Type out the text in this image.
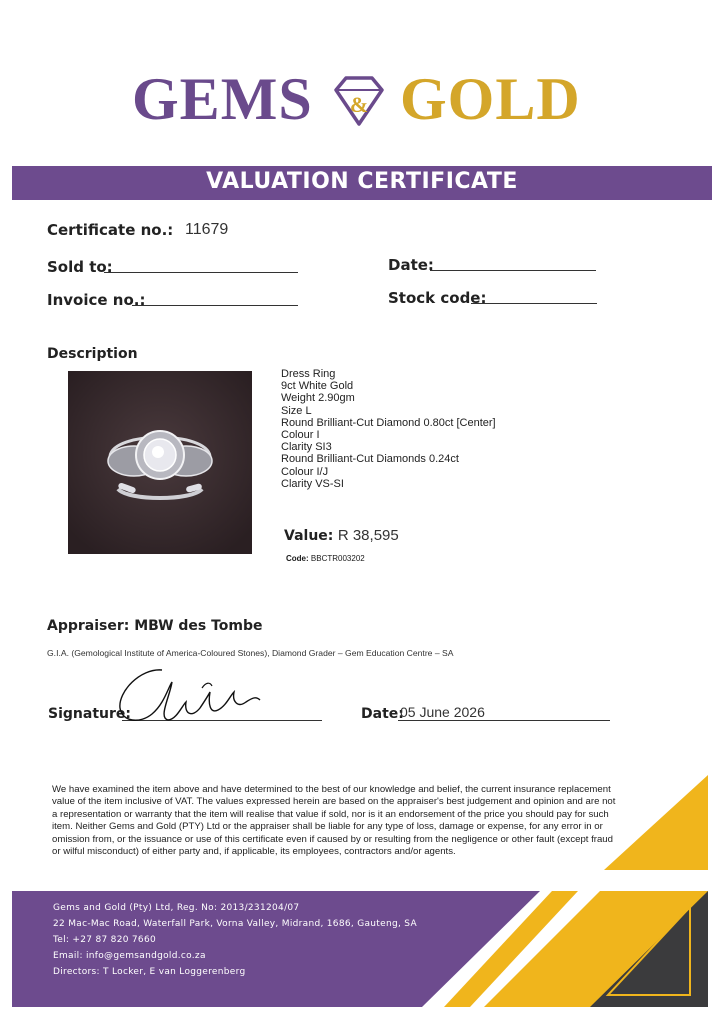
GEMS & GOLD
VALUATION CERTIFICATE
Certificate no.: 11679
Sold to:	Date:
Invoice no.:	Stock code:
Description
Dress Ring
9ct White Gold
Weight 2.90gm
Size L
Round Brilliant-Cut Diamond 0.80ct [Center]
Colour I
Clarity SI3
Round Brilliant-Cut Diamonds 0.24ct
Colour I/J
Clarity VS-SI
Value: R 38,595
Code: BBCTR003202
Appraiser: MBW des Tombe
G.I.A. (Gemological Institute of America-Coloured Stones), Diamond Grader – Gem Education Centre – SA
Signature:	Date:
05 June 2026
We have examined the item above and have determined to the best of our knowledge and belief, the current insurance replacement value of the item inclusive of VAT. The values expressed herein are based on the appraiser's best judgement and opinion and are not a representation or warranty that the item will realise that value if sold, nor is it an endorsement of the price you should pay for such item. Neither Gems and Gold (PTY) Ltd or the appraiser shall be liable for any type of loss, damage or expense, for any error in or omission from, or the issuance or use of this certificate even if caused by or resulting from the negligence or other fault (except fraud or wilful misconduct) of either party and, if applicable, its employees, contractors and/or agents.
Gems and Gold (Pty) Ltd, Reg. No: 2013/231204/07
22 Mac-Mac Road, Waterfall Park, Vorna Valley, Midrand, 1686, Gauteng, SA
Tel: +27 87 820 7660
Email: info@gemsandgold.co.za
Directors: T Locker, E van Loggerenberg
